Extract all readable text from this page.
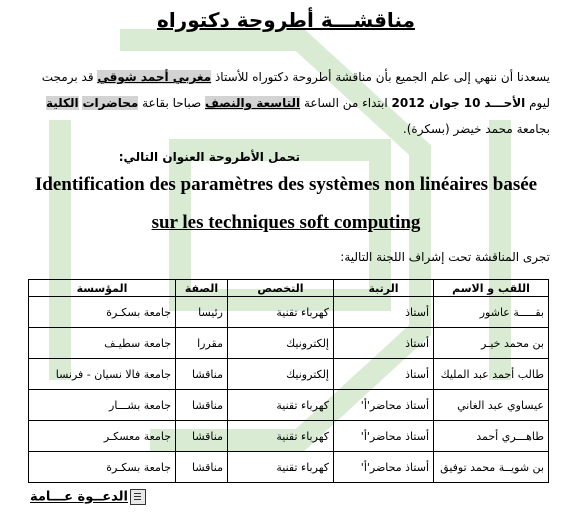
مناقشـــة أطروحة دكتوراه
يسعدنا أن ننهي إلى علم الجميع بأن مناقشة أطروحة دكتوراه للأستاذ مغربي أحمد شوقي قد برمجت ليوم الأحـــد 10 جوان 2012 ابتداء من الساعة التاسعة والنصف صباحا بقاعة محاضرات الكلية بجامعة محمد خيضر (بسكرة).
تحمل الأطروحة العنوان التالي:
Identification des paramètres des systèmes non linéaires basée
sur les techniques soft computing
تجرى المناقشة تحت إشراف اللجنة التالية:
اللقب و الاسم	الرتبة	التخصص	الصفة	المؤسسة
بقـــــة عاشور	أستاذ	كهرباء تقنية	رئيسا	جامعة بسكـرة
بن محمد خيـر	أستاذ	إلكترونيك	مقررا	جامعة سطيـف
طالب أحمد عبد المليك	أستاذ	إلكترونيك	مناقشا	جامعة فالا نسيان - فرنسا
عيساوي عبد الغاني	أستاذ محاضر'أ'	كهرباء تقنية	مناقشا	جامعة بشـــار
طاهـــري أحمد	أستاذ محاضر'أ'	كهرباء تقنية	مناقشا	جامعة معسكـر
بن شويــة محمد توفيق	أستاذ محاضر'أ'	كهرباء تقنية	مناقشا	جامعة بسكـرة
الدعــوة عـــامة
